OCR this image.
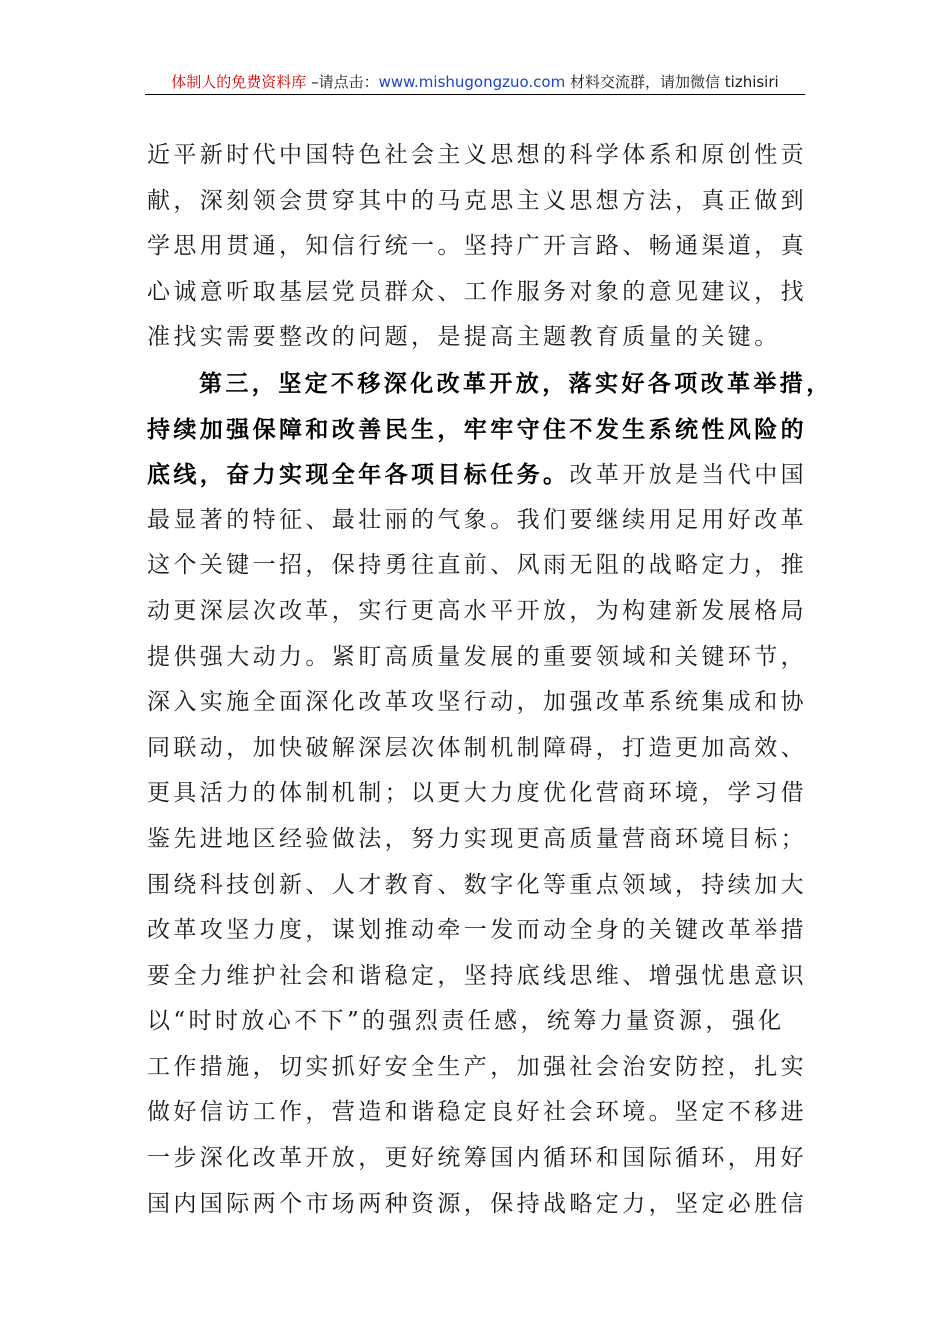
体制人的免费资料库 –请点击：www.mishugongzuo.com 材料交流群，请加微信 tizhisiri
近平新时代中国特色社会主义思想的科学体系和原创性贡
献，深刻领会贯穿其中的马克思主义思想方法，真正做到
学思用贯通，知信行统一。坚持广开言路、畅通渠道，真
心诚意听取基层党员群众、工作服务对象的意见建议，找
准找实需要整改的问题，是提高主题教育质量的关键。
第三，坚定不移深化改革开放，落实好各项改革举措，
持续加强保障和改善民生，牢牢守住不发生系统性风险的
底线，奋力实现全年各项目标任务。改革开放是当代中国
最显著的特征、最壮丽的气象。我们要继续用足用好改革
这个关键一招，保持勇往直前、风雨无阻的战略定力，推
动更深层次改革，实行更高水平开放，为构建新发展格局
提供强大动力。紧盯高质量发展的重要领域和关键环节，
深入实施全面深化改革攻坚行动，加强改革系统集成和协
同联动，加快破解深层次体制机制障碍，打造更加高效、
更具活力的体制机制；以更大力度优化营商环境，学习借
鉴先进地区经验做法，努力实现更高质量营商环境目标；
围绕科技创新、人才教育、数字化等重点领域，持续加大
改革攻坚力度，谋划推动牵一发而动全身的关键改革举措
要全力维护社会和谐稳定，坚持底线思维、增强忧患意识
以“时时放心不下”的强烈责任感，统筹力量资源，强化
工作措施，切实抓好安全生产，加强社会治安防控，扎实
做好信访工作，营造和谐稳定良好社会环境。坚定不移进
一步深化改革开放，更好统筹国内循环和国际循环，用好
国内国际两个市场两种资源，保持战略定力，坚定必胜信
